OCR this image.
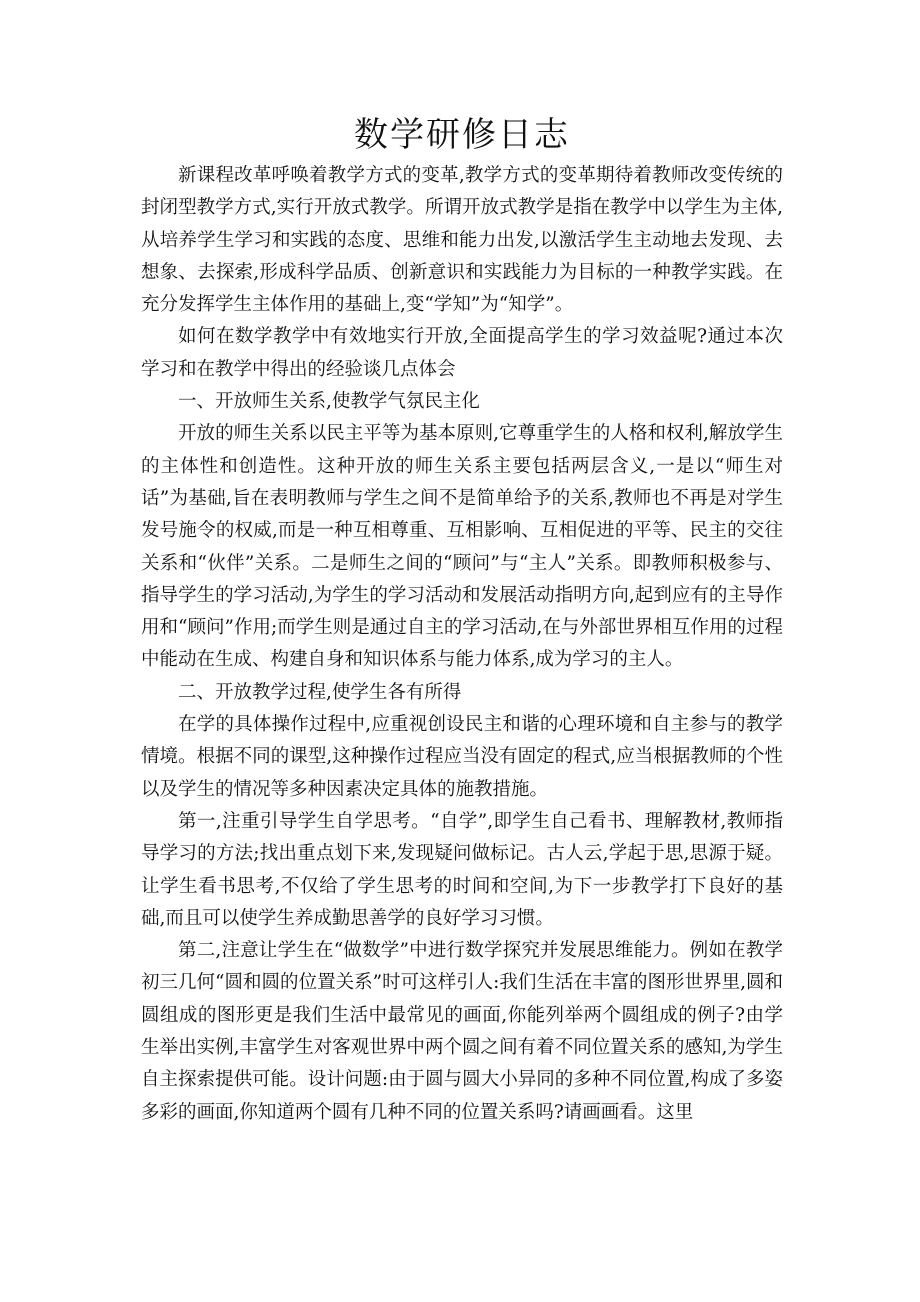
数学研修日志

新课程改革呼唤着教学方式的变革,教学方式的变革期待着教师改变传统的封闭型教学方式,实行开放式教学。所谓开放式教学是指在教学中以学生为主体,从培养学生学习和实践的态度、思维和能力出发,以激活学生主动地去发现、去想象、去探索,形成科学品质、创新意识和实践能力为目标的一种教学实践。在充分发挥学生主体作用的基础上,变“学知”为“知学”。

如何在数学教学中有效地实行开放,全面提高学生的学习效益呢?通过本次学习和在教学中得出的经验谈几点体会

一、开放师生关系,使教学气氛民主化

开放的师生关系以民主平等为基本原则,它尊重学生的人格和权利,解放学生的主体性和创造性。这种开放的师生关系主要包括两层含义,一是以“师生对话”为基础,旨在表明教师与学生之间不是简单给予的关系,教师也不再是对学生发号施令的权威,而是一种互相尊重、互相影响、互相促进的平等、民主的交往关系和“伙伴”关系。二是师生之间的“顾问”与“主人”关系。即教师积极参与、指导学生的学习活动,为学生的学习活动和发展活动指明方向,起到应有的主导作用和“顾问”作用;而学生则是通过自主的学习活动,在与外部世界相互作用的过程中能动在生成、构建自身和知识体系与能力体系,成为学习的主人。

二、开放教学过程,使学生各有所得

在学的具体操作过程中,应重视创设民主和谐的心理环境和自主参与的教学情境。根据不同的课型,这种操作过程应当没有固定的程式,应当根据教师的个性以及学生的情况等多种因素决定具体的施教措施。

第一,注重引导学生自学思考。“自学”,即学生自己看书、理解教材,教师指导学习的方法;找出重点划下来,发现疑问做标记。古人云,学起于思,思源于疑。让学生看书思考,不仅给了学生思考的时间和空间,为下一步教学打下良好的基础,而且可以使学生养成勤思善学的良好学习习惯。

第二,注意让学生在“做数学”中进行数学探究并发展思维能力。例如在教学初三几何“圆和圆的位置关系”时可这样引人:我们生活在丰富的图形世界里,圆和圆组成的图形更是我们生活中最常见的画面,你能列举两个圆组成的例子?由学生举出实例,丰富学生对客观世界中两个圆之间有着不同位置关系的感知,为学生自主探索提供可能。设计问题:由于圆与圆大小异同的多种不同位置,构成了多姿多彩的画面,你知道两个圆有几种不同的位置关系吗?请画画看。这里
